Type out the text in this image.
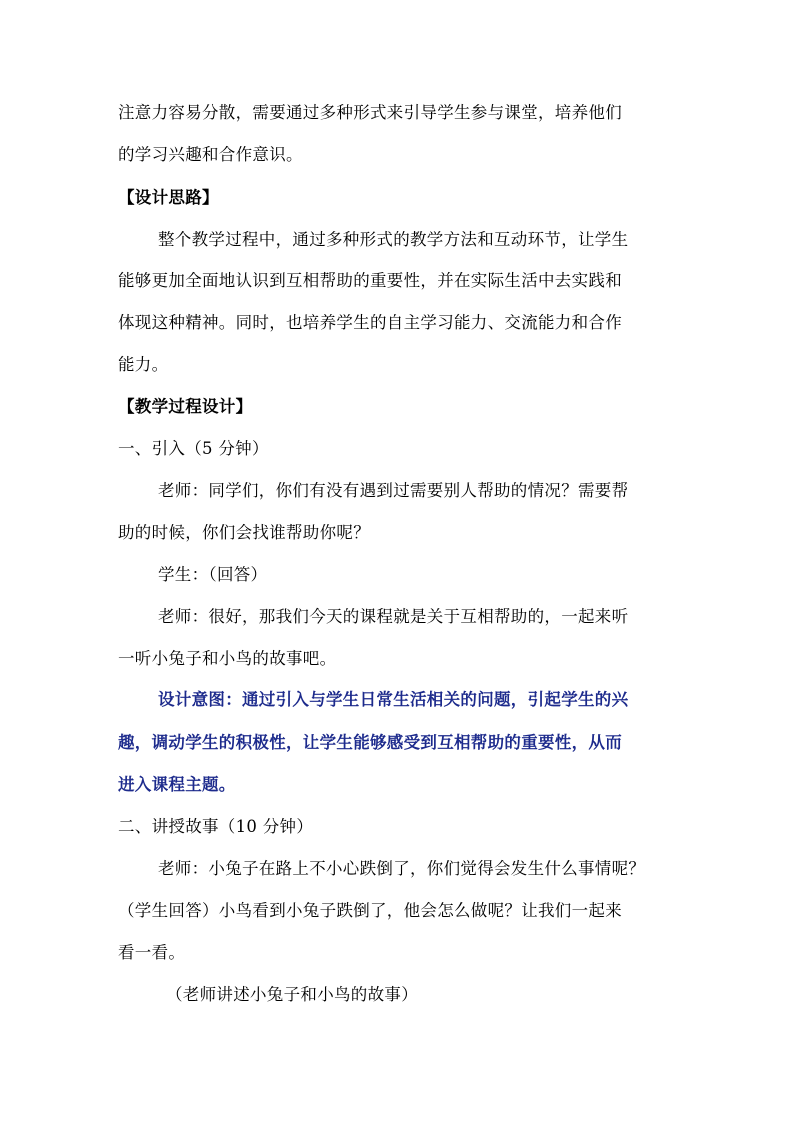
注意力容易分散，需要通过多种形式来引导学生参与课堂，培养他们
的学习兴趣和合作意识。
【设计思路】
整个教学过程中，通过多种形式的教学方法和互动环节，让学生
能够更加全面地认识到互相帮助的重要性，并在实际生活中去实践和
体现这种精神。同时，也培养学生的自主学习能力、交流能力和合作
能力。
【教学过程设计】
一、引入（5 分钟）
老师：同学们，你们有没有遇到过需要别人帮助的情况？需要帮
助的时候，你们会找谁帮助你呢？
学生：（回答）
老师：很好，那我们今天的课程就是关于互相帮助的，一起来听
一听小兔子和小鸟的故事吧。
设计意图：通过引入与学生日常生活相关的问题，引起学生的兴
趣，调动学生的积极性，让学生能够感受到互相帮助的重要性，从而
进入课程主题。
二、讲授故事（10 分钟）
老师：小兔子在路上不小心跌倒了，你们觉得会发生什么事情呢？
（学生回答）小鸟看到小兔子跌倒了，他会怎么做呢？让我们一起来
看一看。
（老师讲述小兔子和小鸟的故事）
